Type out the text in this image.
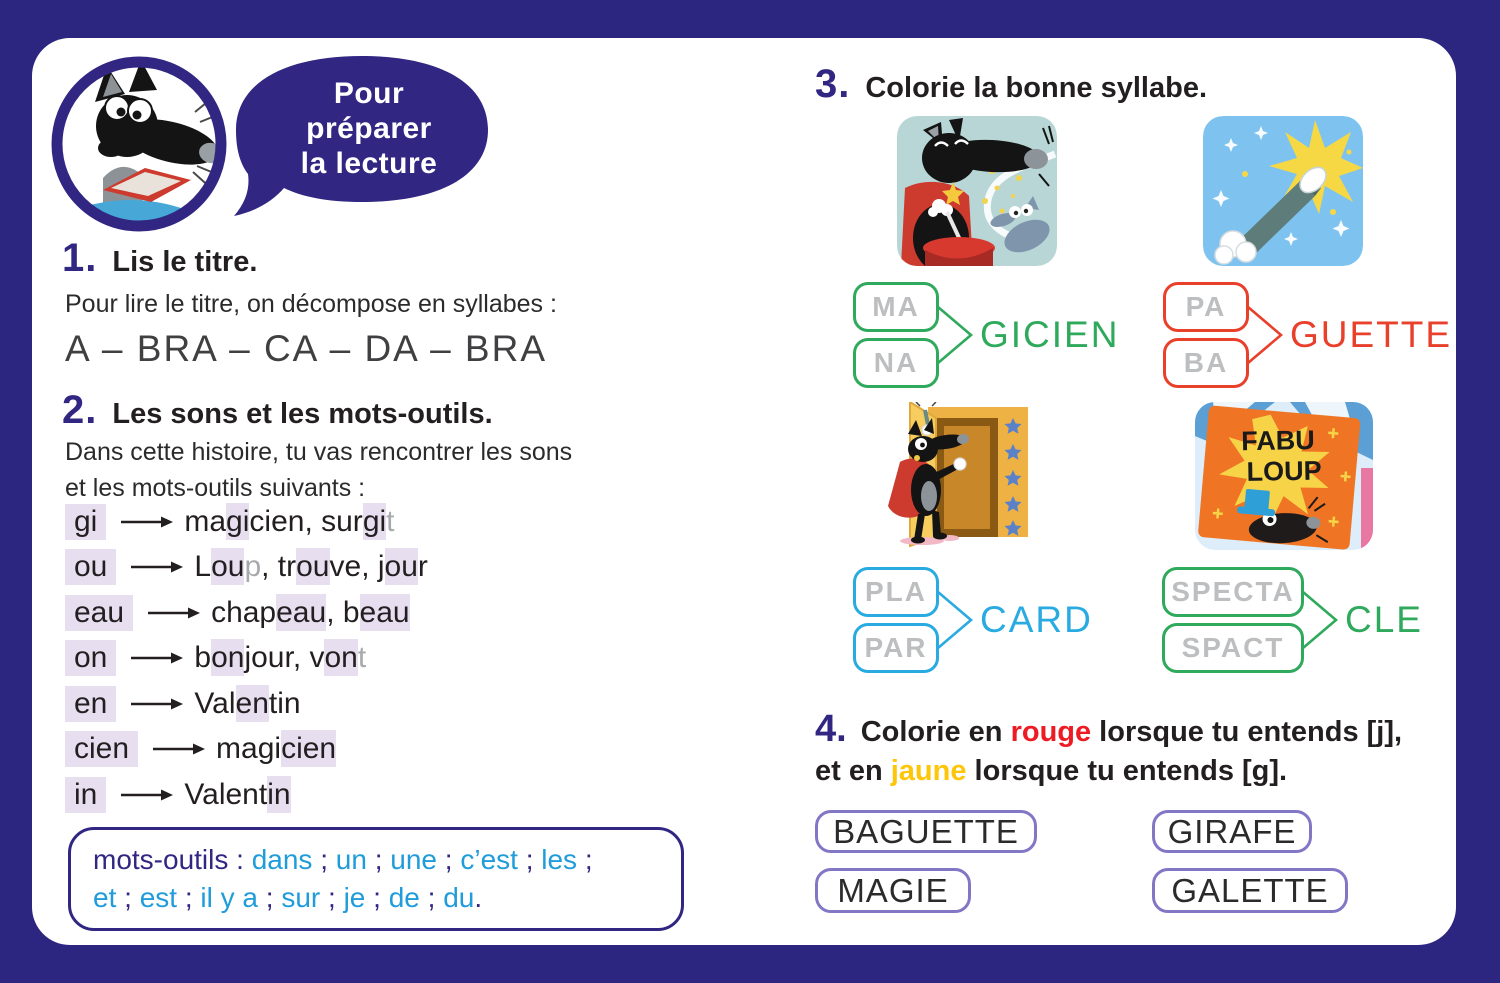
Pour
préparer
la lecture
1. Lis le titre.
Pour lire le titre, on décompose en syllabes :
A – BRA – CA – DA – BRA
2. Les sons et les mots-outils.
Dans cette histoire, tu vas rencontrer les sons
et les mots-outils suivants :
gi	magicien, surgit
ou	Loup, trouve, jour
eau	chapeau, beau
on	bonjour, vont
en	Valentin
cien	magicien
in	Valentin
mots-outils : dans ; un ; une ; c’est ; les ;
et ; est ; il y a ; sur ; je ; de ; du.
3. Colorie la bonne syllabe.
FABU
LOUP
MA
NA
GICIEN
PA
BA
GUETTE
PLA
PAR
CARD
SPECTA
SPACT
CLE
4. Colorie en rouge lorsque tu entends [j],
et en jaune lorsque tu entends [g].
BAGUETTE	GIRAFE
MAGIE	GALETTE
